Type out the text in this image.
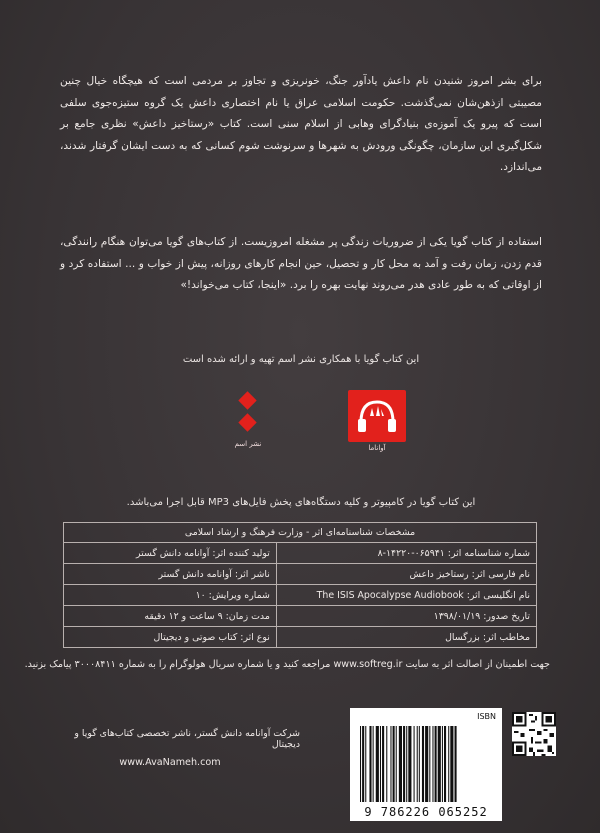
برای بشر امروز شنیدن نام داعش یادآور جنگ، خونریزی و تجاوز بر مردمی است که هیچگاه خیال چنین مصیبتی ازذهن‌شان نمی‌گذشت. حکومت اسلامی عراق یا نام اختصاری داعش یک گروه ستیزه‌جوی سلفی است که پیرو یک آموزه‌ی بنیادگرای وهابی از اسلام سنی است. کتاب «رستاخیز داعش» نظری جامع بر شکل‌گیری این سازمان، چگونگی ورودش به شهرها و سرنوشت شوم کسانی که به دست ایشان گرفتار شدند، می‌اندازد.
استفاده از کتاب گویا یکی از ضروریات زندگی پر مشغله امروزیست. از کتاب‌های گویا می‌توان هنگام رانندگی، قدم زدن، زمان رفت و آمد به محل کار و تحصیل، حین انجام کارهای روزانه، پیش از خواب و ... استفاده کرد و از اوقاتی که به طور عادی هدر می‌روند نهایت بهره را برد. «اینجا، کتاب می‌خواند!»
این کتاب گویا با همکاری نشر اسم تهیه و ارائه شده است
آواناما
نشر اسم
این کتاب گویا در کامپیوتر و کلیه دستگاه‌های پخش فایل‌های MP3 قابل اجرا می‌باشد.
مشخصات شناسنامه‌ای اثر - وزارت فرهنگ و ارشاد اسلامی	
شماره شناسنامه اثر: ۰۶۵۹۴۱-۱۴۲۲۰-۸	تولید کننده اثر: آوانامه دانش گستر
نام فارسی اثر: رستاخیز داعش	ناشر اثر: آوانامه دانش گستر
نام انگلیسی اثر: The ISIS Apocalypse Audiobook	شماره ویرایش: ۱۰
تاریخ صدور: ۱۳۹۸/۰۱/۱۹	مدت زمان: ۹ ساعت و ۱۲ دقیقه
مخاطب اثر: بزرگسال	نوع اثر: کتاب صوتی و دیجیتال
جهت اطمینان از اصالت اثر به سایت www.softreg.ir مراجعه کنید و یا شماره سریال هولوگرام را به شماره ۳۰۰۰۸۴۱۱ پیامک بزنید.
ISBN
9 786226 065252
شرکت آوانامه دانش گستر، ناشر تخصصی کتاب‌های گویا و دیجیتال
www.AvaNameh.com
